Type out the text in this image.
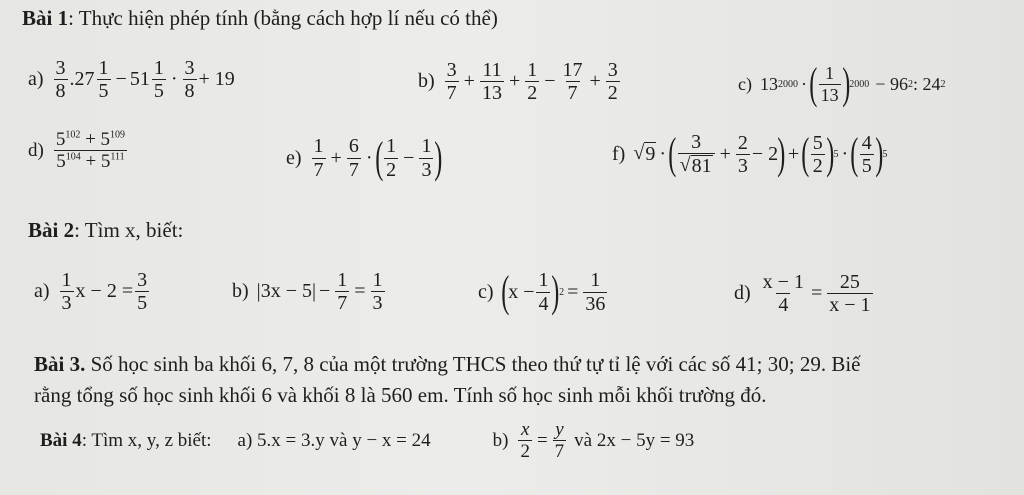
Bài 1: Thực hiện phép tính (bằng cách hợp lí nếu có thể)
$a) \frac{3}{8} .27 \frac{1}{5} - 51 \frac{1}{5} \cdot \frac{3}{8} + 19$	$b) \frac{3}{7} + \frac{11}{13} + \frac{1}{2} - \frac{17}{7} + \frac{3}{2}$	c) 13 2000 · ( $\frac{1}{13}$ ) 2000 − 96 2 : 24 2
$d) \frac{5^{102} + 5^{109}}{5^{104} + 5^{111}}$	$e) \frac{1}{7} + \frac{6}{7}$ · ( $\frac{1}{2} - \frac{1}{3}$ )	f) √ 9 · ( $\frac{3}{√ 81} + \frac{2}{3} - 2$ ) + ( $\frac{5}{2}$ ) 5 · ( $\frac{4}{5}$ ) 5
Bài 2: Tìm x, biết:
$a) \frac{1}{3}$ $x - 2 = \frac{3}{5}$	b) | 3x − 5 | − $\frac{1}{7} = \frac{1}{3}$	c) ( $x - \frac{1}{4}$ ) $2 = \frac{1}{36}$	$d) \frac{x - 1}{4} = \frac{25}{x - 1}$
Bài 3. Số học sinh ba khối 6, 7, 8 của một trường THCS theo thứ tự tỉ lệ với các số 41; 30; 29. Biế
rằng tổng số học sinh khối 6 và khối 8 là 560 em. Tính số học sinh mỗi khối trường đó.
Bài 4 : Tìm x, y, z biết: a) 5.x = 3.y và y − x = 24	$b) \frac{x}{2} = \frac{y}{7}$ và 2x − 5y = 93
